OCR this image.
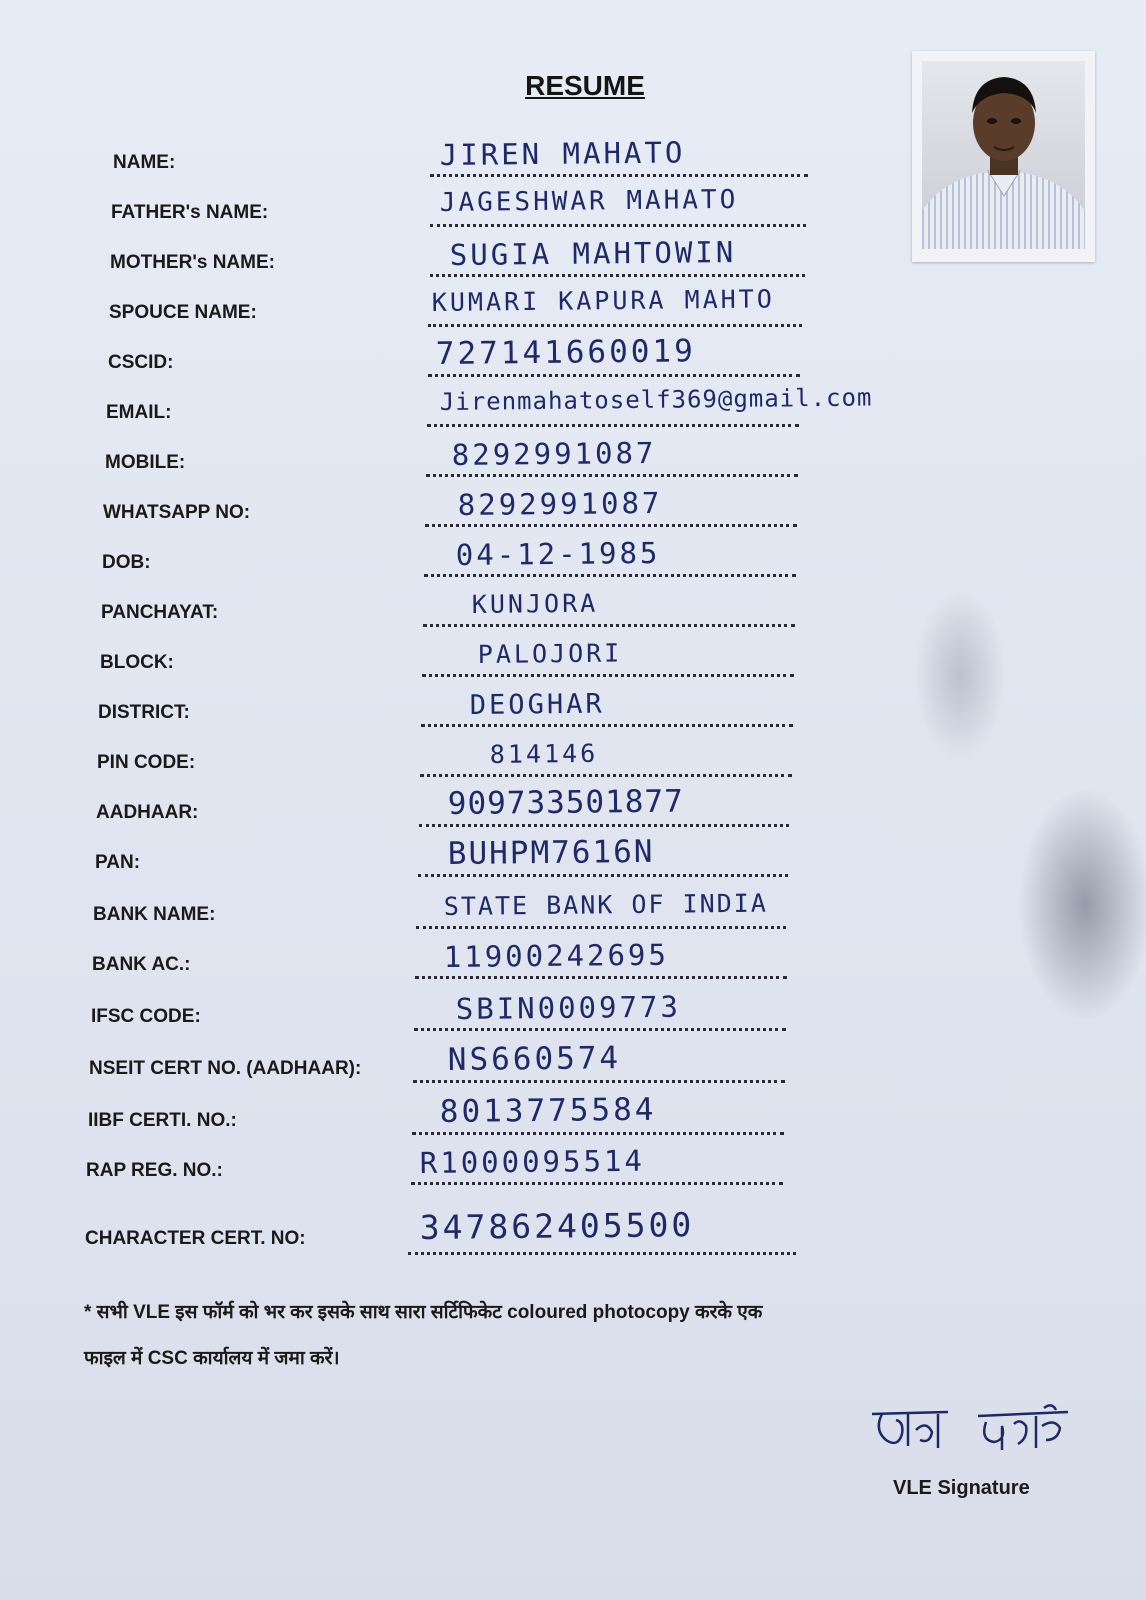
RESUME
NAME:	JIREN MAHATO
FATHER's NAME:	JAGESHWAR MAHATO
MOTHER's NAME:	SUGIA MAHTOWIN
SPOUCE NAME:	KUMARI KAPURA MAHTO
CSCID:	727141660019
EMAIL:	Jirenmahatoself369@gmail.com
MOBILE:	8292991087
WHATSAPP NO:	8292991087
DOB:	04-12-1985
PANCHAYAT:	KUNJORA
BLOCK:	PALOJORI
DISTRICT:	DEOGHAR
PIN CODE:	814146
AADHAAR:	909733501877
PAN:	BUHPM7616N
BANK NAME:	STATE BANK OF INDIA
BANK AC.:	11900242695
IFSC CODE:	SBIN0009773
NSEIT CERT NO. (AADHAAR):	NS660574
IIBF CERTI. NO.:	8013775584
RAP REG. NO.:	R1000095514
CHARACTER CERT. NO:	347862405500
* सभी VLE इस फॉर्म को भर कर इसके साथ सारा सर्टिफिकेट coloured photocopy करके एक
फाइल में CSC कार्यालय में जमा करें।
VLE Signature
